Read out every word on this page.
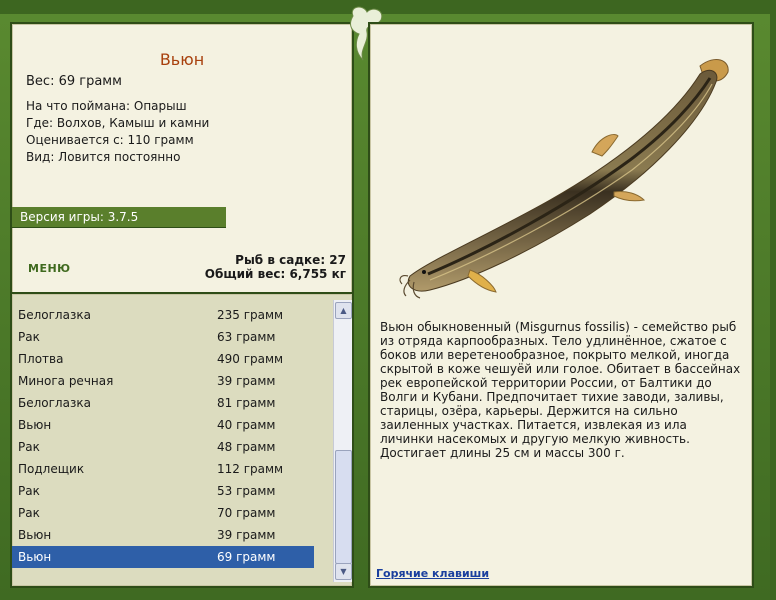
Вьюн
Вес: 69 грамм
На что поймана: Опарыш
Где: Волхов, Камыш и камни
Оценивается с: 110 грамм
Вид: Ловится постоянно
Версия игры: 3.7.5
МЕНЮ
Рыб в садке: 27
Общий вес: 6,755 кг
Белоглазка	235 грамм
Рак	63 грамм
Плотва	490 грамм
Минога речная	39 грамм
Белоглазка	81 грамм
Вьюн	40 грамм
Рак	48 грамм
Подлещик	112 грамм
Рак	53 грамм
Рак	70 грамм
Вьюн	39 грамм
Вьюн	69 грамм
▲
▼
Вьюн обыкновенный (Misgurnus fossilis) - семейство рыб из отряда карпообразных. Тело удлинённое, сжатое с боков или веретенообразное, покрыто мелкой, иногда скрытой в коже чешуёй или голое. Обитает в бассейнах рек европейской территории России, от Балтики до Волги и Кубани. Предпочитает тихие заводи, заливы, старицы, озёра, карьеры. Держится на сильно заиленных участках. Питается, извлекая из ила личинки насекомых и другую мелкую живность. Достигает длины 25 см и массы 300 г.
Горячие клавиши
